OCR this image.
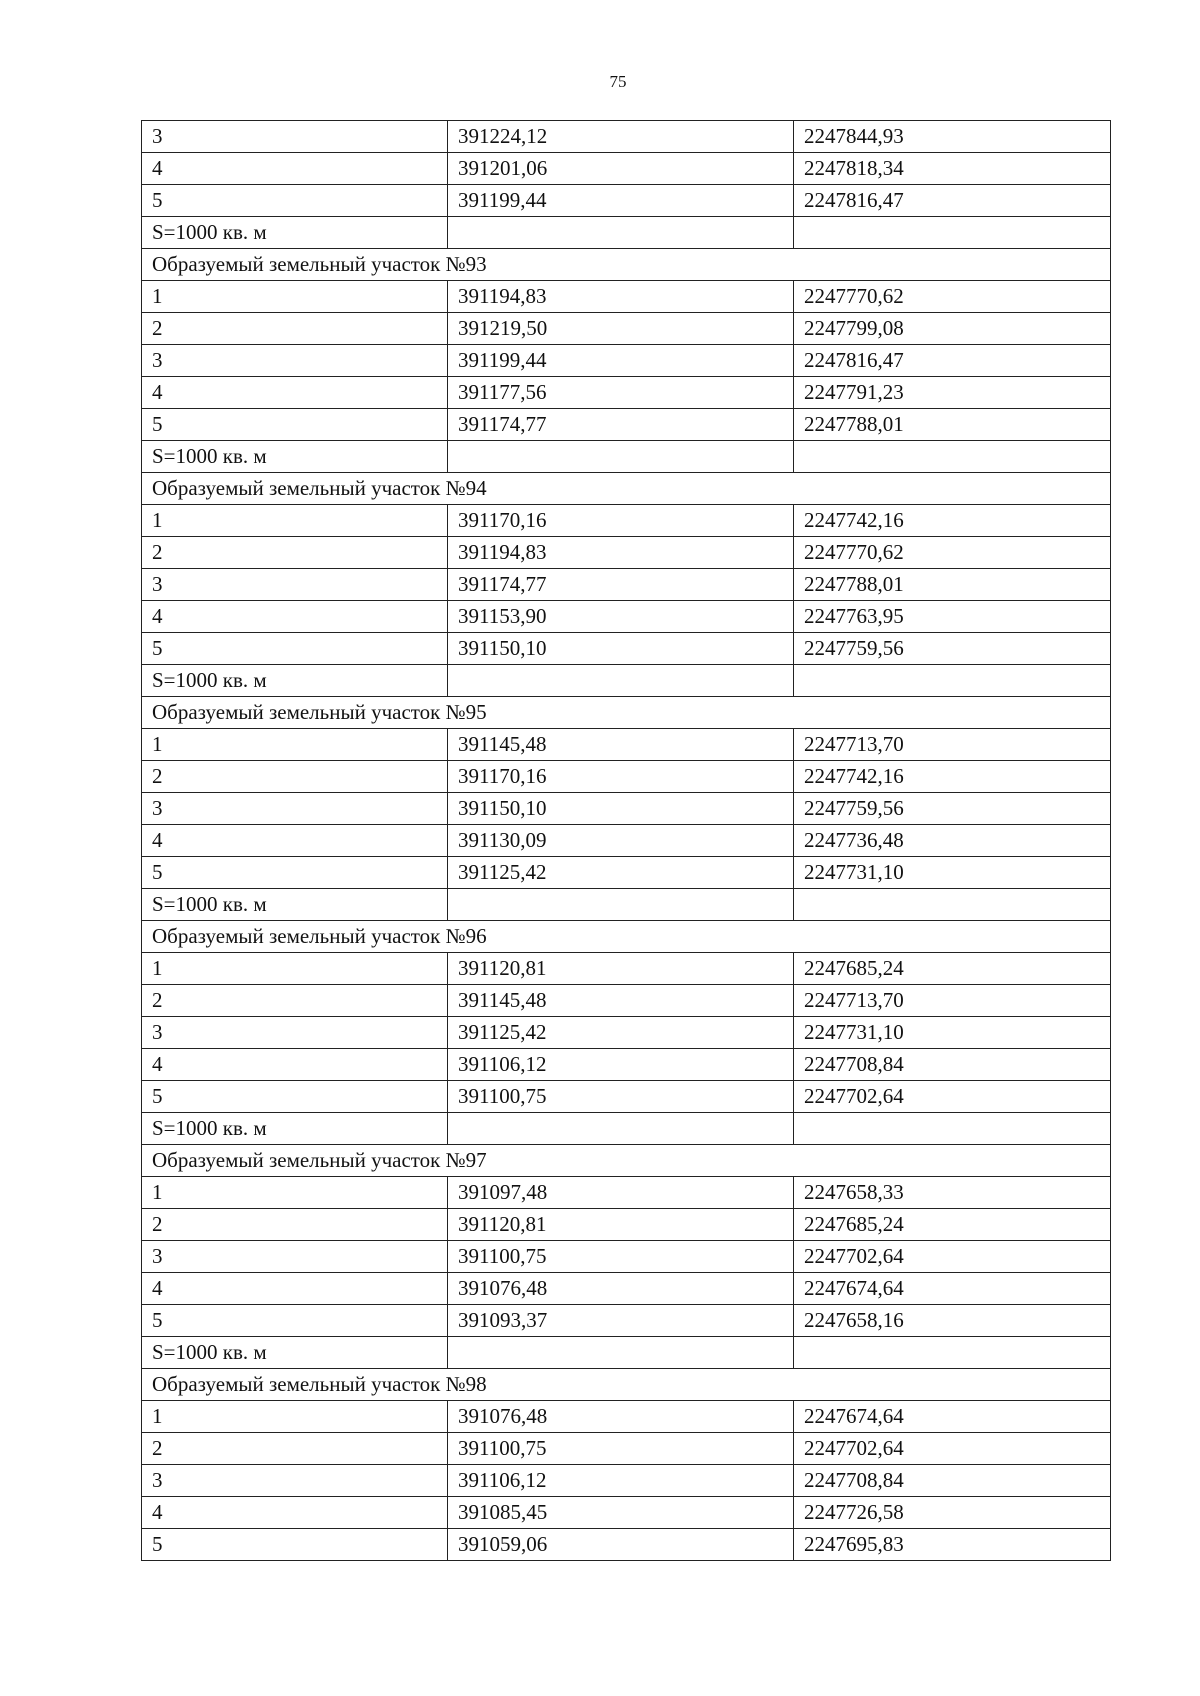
75
3	391224,12	2247844,93
4	391201,06	2247818,34
5	391199,44	2247816,47
S=1000 кв. м		
Образуемый земельный участок №93		
1	391194,83	2247770,62
2	391219,50	2247799,08
3	391199,44	2247816,47
4	391177,56	2247791,23
5	391174,77	2247788,01
S=1000 кв. м		
Образуемый земельный участок №94		
1	391170,16	2247742,16
2	391194,83	2247770,62
3	391174,77	2247788,01
4	391153,90	2247763,95
5	391150,10	2247759,56
S=1000 кв. м		
Образуемый земельный участок №95		
1	391145,48	2247713,70
2	391170,16	2247742,16
3	391150,10	2247759,56
4	391130,09	2247736,48
5	391125,42	2247731,10
S=1000 кв. м		
Образуемый земельный участок №96		
1	391120,81	2247685,24
2	391145,48	2247713,70
3	391125,42	2247731,10
4	391106,12	2247708,84
5	391100,75	2247702,64
S=1000 кв. м		
Образуемый земельный участок №97		
1	391097,48	2247658,33
2	391120,81	2247685,24
3	391100,75	2247702,64
4	391076,48	2247674,64
5	391093,37	2247658,16
S=1000 кв. м		
Образуемый земельный участок №98		
1	391076,48	2247674,64
2	391100,75	2247702,64
3	391106,12	2247708,84
4	391085,45	2247726,58
5	391059,06	2247695,83
